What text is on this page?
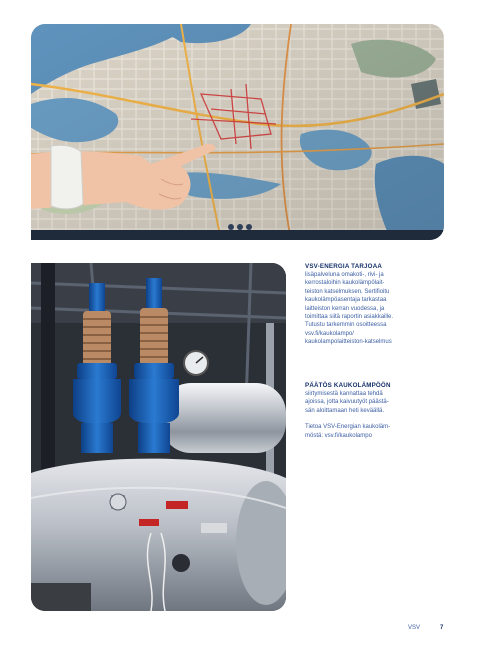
VSV-ENERGIA TARJOAA
lisäpalveluna omakoti-, rivi- ja
kerrostaloihin kaukolämpölait-
teiston katselmuksen. Sertifioitu
kaukolämpöasentaja tarkastaa
laitteiston kerran vuodessa, ja
toimittaa siitä raportin asiakkaille.
Tutustu tarkemmin osoitteessa
vsv.fi/kaukolampo/
kaukolampolaitteiston-katselmus
PÄÄTÖS KAUKOLÄMPÖÖN

siirtymisestä kannattaa tehdä
ajoissa, jotta kaivuutyöt päästä-
sän aloittamaan heti keväällä.

Tietoa VSV-Energian kaukoläm-
möstä: vsv.fi/kaukolampo

VSV	7
